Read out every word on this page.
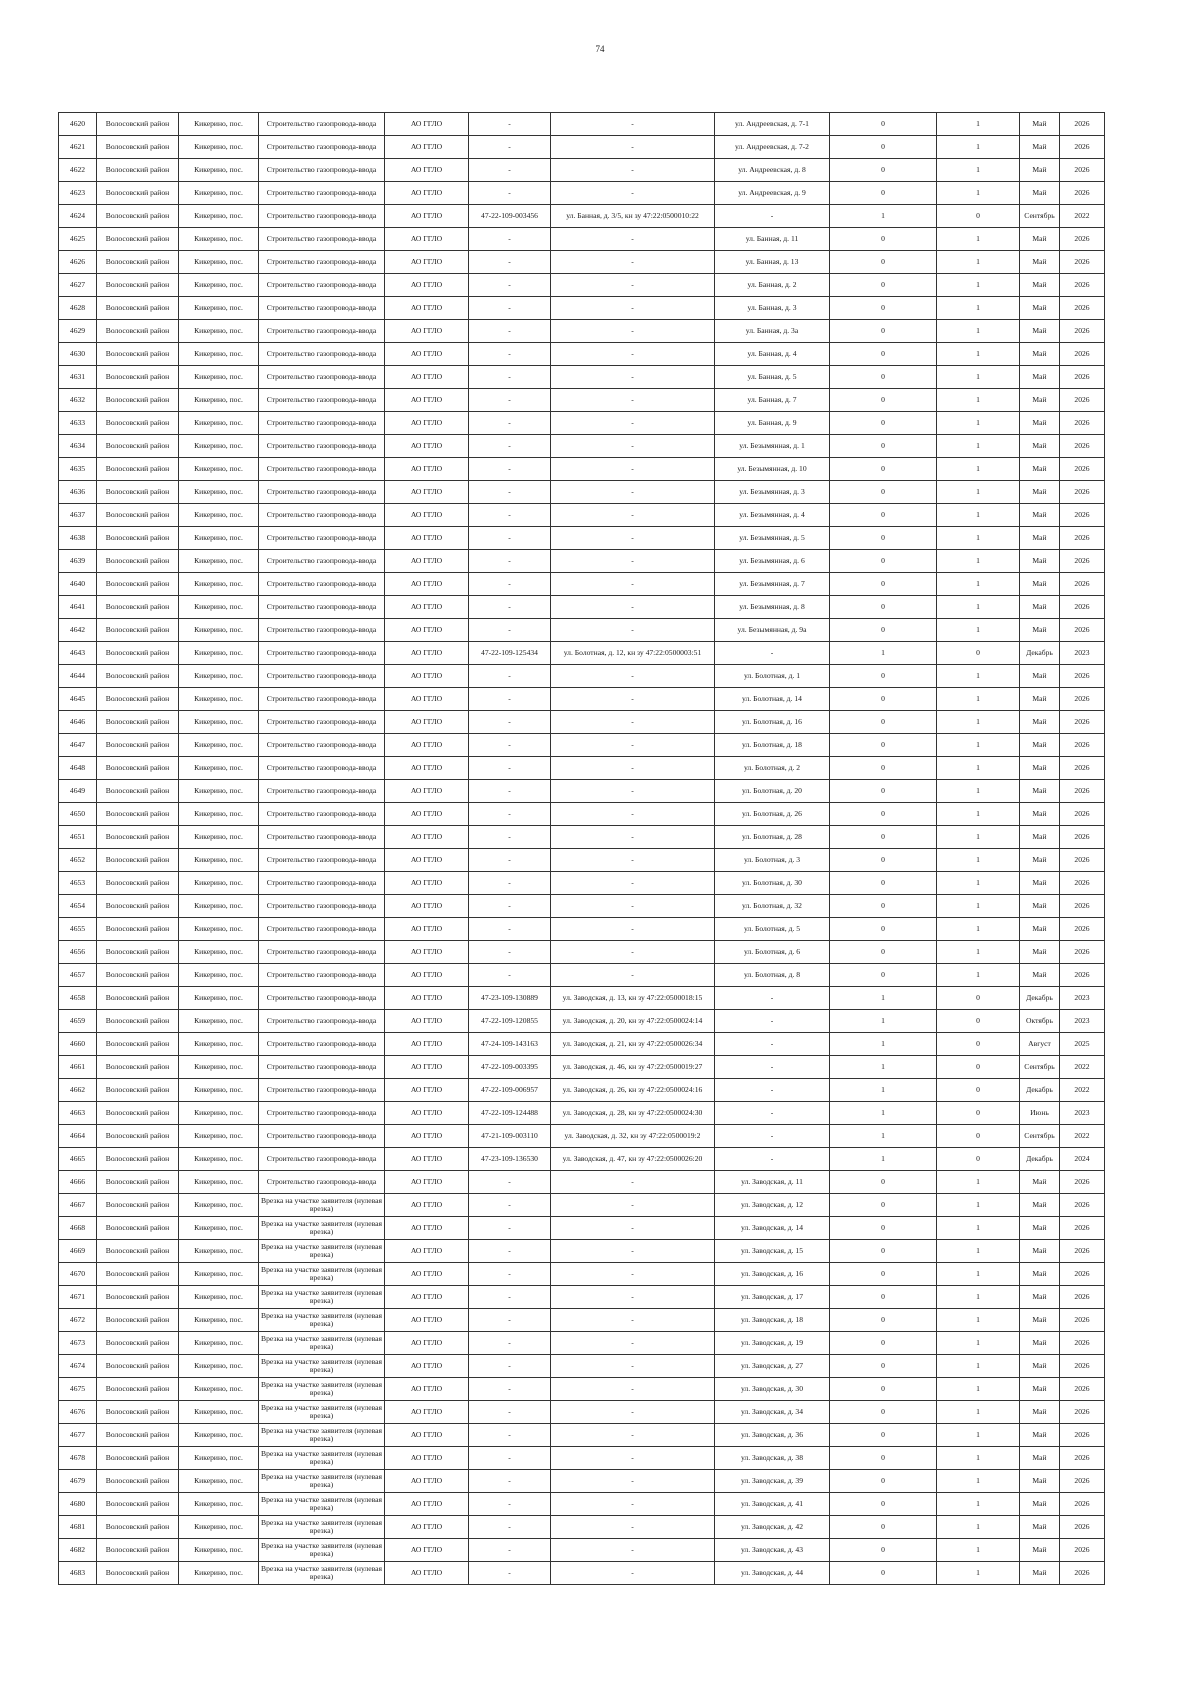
74
4620	Волосовский район	Кикерино, пос.	Строительство газопровода-ввода	АО ГГЛО	-	-	ул. Андреевская, д. 7-1	0	1	Май	2026
4621	Волосовский район	Кикерино, пос.	Строительство газопровода-ввода	АО ГГЛО	-	-	ул. Андреевская, д. 7-2	0	1	Май	2026
4622	Волосовский район	Кикерино, пос.	Строительство газопровода-ввода	АО ГГЛО	-	-	ул. Андреевская, д. 8	0	1	Май	2026
4623	Волосовский район	Кикерино, пос.	Строительство газопровода-ввода	АО ГГЛО	-	-	ул. Андреевская, д. 9	0	1	Май	2026
4624	Волосовский район	Кикерино, пос.	Строительство газопровода-ввода	АО ГГЛО	47-22-109-003456	ул. Банная, д. 3/5, кн зу 47:22:0500010:22	-	1	0	Сентябрь	2022
4625	Волосовский район	Кикерино, пос.	Строительство газопровода-ввода	АО ГГЛО	-	-	ул. Банная, д. 11	0	1	Май	2026
4626	Волосовский район	Кикерино, пос.	Строительство газопровода-ввода	АО ГГЛО	-	-	ул. Банная, д. 13	0	1	Май	2026
4627	Волосовский район	Кикерино, пос.	Строительство газопровода-ввода	АО ГГЛО	-	-	ул. Банная, д. 2	0	1	Май	2026
4628	Волосовский район	Кикерино, пос.	Строительство газопровода-ввода	АО ГГЛО	-	-	ул. Банная, д. 3	0	1	Май	2026
4629	Волосовский район	Кикерино, пос.	Строительство газопровода-ввода	АО ГГЛО	-	-	ул. Банная, д. 3а	0	1	Май	2026
4630	Волосовский район	Кикерино, пос.	Строительство газопровода-ввода	АО ГГЛО	-	-	ул. Банная, д. 4	0	1	Май	2026
4631	Волосовский район	Кикерино, пос.	Строительство газопровода-ввода	АО ГГЛО	-	-	ул. Банная, д. 5	0	1	Май	2026
4632	Волосовский район	Кикерино, пос.	Строительство газопровода-ввода	АО ГГЛО	-	-	ул. Банная, д. 7	0	1	Май	2026
4633	Волосовский район	Кикерино, пос.	Строительство газопровода-ввода	АО ГГЛО	-	-	ул. Банная, д. 9	0	1	Май	2026
4634	Волосовский район	Кикерино, пос.	Строительство газопровода-ввода	АО ГГЛО	-	-	ул. Безымянная, д. 1	0	1	Май	2026
4635	Волосовский район	Кикерино, пос.	Строительство газопровода-ввода	АО ГГЛО	-	-	ул. Безымянная, д. 10	0	1	Май	2026
4636	Волосовский район	Кикерино, пос.	Строительство газопровода-ввода	АО ГГЛО	-	-	ул. Безымянная, д. 3	0	1	Май	2026
4637	Волосовский район	Кикерино, пос.	Строительство газопровода-ввода	АО ГГЛО	-	-	ул. Безымянная, д. 4	0	1	Май	2026
4638	Волосовский район	Кикерино, пос.	Строительство газопровода-ввода	АО ГГЛО	-	-	ул. Безымянная, д. 5	0	1	Май	2026
4639	Волосовский район	Кикерино, пос.	Строительство газопровода-ввода	АО ГГЛО	-	-	ул. Безымянная, д. 6	0	1	Май	2026
4640	Волосовский район	Кикерино, пос.	Строительство газопровода-ввода	АО ГГЛО	-	-	ул. Безымянная, д. 7	0	1	Май	2026
4641	Волосовский район	Кикерино, пос.	Строительство газопровода-ввода	АО ГГЛО	-	-	ул. Безымянная, д. 8	0	1	Май	2026
4642	Волосовский район	Кикерино, пос.	Строительство газопровода-ввода	АО ГГЛО	-	-	ул. Безымянная, д. 9а	0	1	Май	2026
4643	Волосовский район	Кикерино, пос.	Строительство газопровода-ввода	АО ГГЛО	47-22-109-125434	ул. Болотная, д. 12, кн зу 47:22:0500003:51	-	1	0	Декабрь	2023
4644	Волосовский район	Кикерино, пос.	Строительство газопровода-ввода	АО ГГЛО	-	-	ул. Болотная, д. 1	0	1	Май	2026
4645	Волосовский район	Кикерино, пос.	Строительство газопровода-ввода	АО ГГЛО	-	-	ул. Болотная, д. 14	0	1	Май	2026
4646	Волосовский район	Кикерино, пос.	Строительство газопровода-ввода	АО ГГЛО	-	-	ул. Болотная, д. 16	0	1	Май	2026
4647	Волосовский район	Кикерино, пос.	Строительство газопровода-ввода	АО ГГЛО	-	-	ул. Болотная, д. 18	0	1	Май	2026
4648	Волосовский район	Кикерино, пос.	Строительство газопровода-ввода	АО ГГЛО	-	-	ул. Болотная, д. 2	0	1	Май	2026
4649	Волосовский район	Кикерино, пос.	Строительство газопровода-ввода	АО ГГЛО	-	-	ул. Болотная, д. 20	0	1	Май	2026
4650	Волосовский район	Кикерино, пос.	Строительство газопровода-ввода	АО ГГЛО	-	-	ул. Болотная, д. 26	0	1	Май	2026
4651	Волосовский район	Кикерино, пос.	Строительство газопровода-ввода	АО ГГЛО	-	-	ул. Болотная, д. 28	0	1	Май	2026
4652	Волосовский район	Кикерино, пос.	Строительство газопровода-ввода	АО ГГЛО	-	-	ул. Болотная, д. 3	0	1	Май	2026
4653	Волосовский район	Кикерино, пос.	Строительство газопровода-ввода	АО ГГЛО	-	-	ул. Болотная, д. 30	0	1	Май	2026
4654	Волосовский район	Кикерино, пос.	Строительство газопровода-ввода	АО ГГЛО	-	-	ул. Болотная, д. 32	0	1	Май	2026
4655	Волосовский район	Кикерино, пос.	Строительство газопровода-ввода	АО ГГЛО	-	-	ул. Болотная, д. 5	0	1	Май	2026
4656	Волосовский район	Кикерино, пос.	Строительство газопровода-ввода	АО ГГЛО	-	-	ул. Болотная, д. 6	0	1	Май	2026
4657	Волосовский район	Кикерино, пос.	Строительство газопровода-ввода	АО ГГЛО	-	-	ул. Болотная, д. 8	0	1	Май	2026
4658	Волосовский район	Кикерино, пос.	Строительство газопровода-ввода	АО ГГЛО	47-23-109-130889	ул. Заводская, д. 13, кн зу 47:22:0500018:15	-	1	0	Декабрь	2023
4659	Волосовский район	Кикерино, пос.	Строительство газопровода-ввода	АО ГГЛО	47-22-109-120855	ул. Заводская, д. 20, кн зу 47:22:0500024:14	-	1	0	Октябрь	2023
4660	Волосовский район	Кикерино, пос.	Строительство газопровода-ввода	АО ГГЛО	47-24-109-143163	ул. Заводская, д. 21, кн зу 47:22:0500026:34	-	1	0	Август	2025
4661	Волосовский район	Кикерино, пос.	Строительство газопровода-ввода	АО ГГЛО	47-22-109-003395	ул. Заводская, д. 46, кн зу 47:22:0500019:27	-	1	0	Сентябрь	2022
4662	Волосовский район	Кикерино, пос.	Строительство газопровода-ввода	АО ГГЛО	47-22-109-006957	ул. Заводская, д. 26, кн зу 47:22:0500024:16	-	1	0	Декабрь	2022
4663	Волосовский район	Кикерино, пос.	Строительство газопровода-ввода	АО ГГЛО	47-22-109-124488	ул. Заводская, д. 28, кн зу 47:22:0500024:30	-	1	0	Июнь	2023
4664	Волосовский район	Кикерино, пос.	Строительство газопровода-ввода	АО ГГЛО	47-21-109-003110	ул. Заводская, д. 32, кн зу 47:22:0500019:2	-	1	0	Сентябрь	2022
4665	Волосовский район	Кикерино, пос.	Строительство газопровода-ввода	АО ГГЛО	47-23-109-136530	ул. Заводская, д. 47, кн зу 47:22:0500026:20	-	1	0	Декабрь	2024
4666	Волосовский район	Кикерино, пос.	Строительство газопровода-ввода	АО ГГЛО	-	-	ул. Заводская, д. 11	0	1	Май	2026
4667	Волосовский район	Кикерино, пос.	Врезка на участке заявителя (нулевая врезка)	АО ГГЛО	-	-	ул. Заводская, д. 12	0	1	Май	2026
4668	Волосовский район	Кикерино, пос.	Врезка на участке заявителя (нулевая врезка)	АО ГГЛО	-	-	ул. Заводская, д. 14	0	1	Май	2026
4669	Волосовский район	Кикерино, пос.	Врезка на участке заявителя (нулевая врезка)	АО ГГЛО	-	-	ул. Заводская, д. 15	0	1	Май	2026
4670	Волосовский район	Кикерино, пос.	Врезка на участке заявителя (нулевая врезка)	АО ГГЛО	-	-	ул. Заводская, д. 16	0	1	Май	2026
4671	Волосовский район	Кикерино, пос.	Врезка на участке заявителя (нулевая врезка)	АО ГГЛО	-	-	ул. Заводская, д. 17	0	1	Май	2026
4672	Волосовский район	Кикерино, пос.	Врезка на участке заявителя (нулевая врезка)	АО ГГЛО	-	-	ул. Заводская, д. 18	0	1	Май	2026
4673	Волосовский район	Кикерино, пос.	Врезка на участке заявителя (нулевая врезка)	АО ГГЛО	-	-	ул. Заводская, д. 19	0	1	Май	2026
4674	Волосовский район	Кикерино, пос.	Врезка на участке заявителя (нулевая врезка)	АО ГГЛО	-	-	ул. Заводская, д. 27	0	1	Май	2026
4675	Волосовский район	Кикерино, пос.	Врезка на участке заявителя (нулевая врезка)	АО ГГЛО	-	-	ул. Заводская, д. 30	0	1	Май	2026
4676	Волосовский район	Кикерино, пос.	Врезка на участке заявителя (нулевая врезка)	АО ГГЛО	-	-	ул. Заводская, д. 34	0	1	Май	2026
4677	Волосовский район	Кикерино, пос.	Врезка на участке заявителя (нулевая врезка)	АО ГГЛО	-	-	ул. Заводская, д. 36	0	1	Май	2026
4678	Волосовский район	Кикерино, пос.	Врезка на участке заявителя (нулевая врезка)	АО ГГЛО	-	-	ул. Заводская, д. 38	0	1	Май	2026
4679	Волосовский район	Кикерино, пос.	Врезка на участке заявителя (нулевая врезка)	АО ГГЛО	-	-	ул. Заводская, д. 39	0	1	Май	2026
4680	Волосовский район	Кикерино, пос.	Врезка на участке заявителя (нулевая врезка)	АО ГГЛО	-	-	ул. Заводская, д. 41	0	1	Май	2026
4681	Волосовский район	Кикерино, пос.	Врезка на участке заявителя (нулевая врезка)	АО ГГЛО	-	-	ул. Заводская, д. 42	0	1	Май	2026
4682	Волосовский район	Кикерино, пос.	Врезка на участке заявителя (нулевая врезка)	АО ГГЛО	-	-	ул. Заводская, д. 43	0	1	Май	2026
4683	Волосовский район	Кикерино, пос.	Врезка на участке заявителя (нулевая врезка)	АО ГГЛО	-	-	ул. Заводская, д. 44	0	1	Май	2026
